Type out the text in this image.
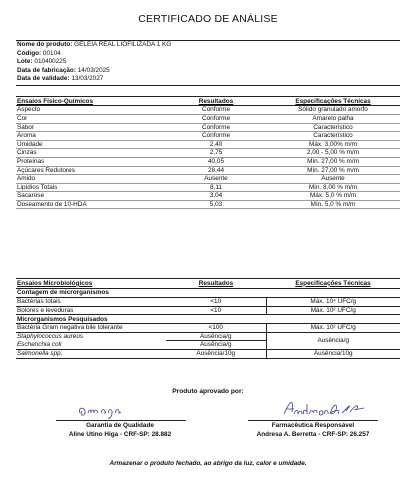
CERTIFICADO DE ANÁLISE
Nome do produto: GELEIA REAL LIOFILIZADA 1 KG
Código: 00104
Lote: 010400225
Data de fabricação: 14/03/2025
Data de validade: 13/03/2027
Ensaios Físico-Químicos	Resultados	Especificações Técnicas
Aspecto	Conforme	Sólido granulado amorfo
Cor	Conforme	Amarelo palha
Sabor	Conforme	Característico
Aroma	Conforme	Característico
Umidade	2,40	Máx. 3,00% m/m
Cinzas	2,75	2,00 - 5,00 % m/m
Proteínas	40,05	Mín. 27,00 % m/m
Açúcares Redutores	28,44	Mín. 27,00 % m/m
Amido	Ausente	Ausente
Lipídios Totais	8,11	Mín. 8,00 % m/m
Sacarose	3,04	Máx. 5,0 % m/m
Doseamento de 10-HDA	5,03	Mín. 5,0 % m/m
Ensaios Microbiológicos	Resultados	Especificações Técnicas
Contagem de microrganismos		
Bactérias totais	<10	Máx. 10⁴ UFC/g
Bolores e leveduras	<10	Máx. 10² UFC/g
Microrganismos Pesquisados		
Bactéria Gram negativa bile tolerante	<100	Máx. 10² UFC/g
Staphylococcus aureus	Ausência/g	Ausência/g
Escherichia coli	Ausência/g	
Salmonella spp.	Ausência/10g	Ausência/10g
Produto aprovado por:
Garantia de Qualidade
Aline Utino Higa - CRF-SP: 28.882
Farmacêutica Responsável
Andresa A. Berretta - CRF-SP: 26.257
Armazenar o produto fechado, ao abrigo da luz, calor e umidade.
